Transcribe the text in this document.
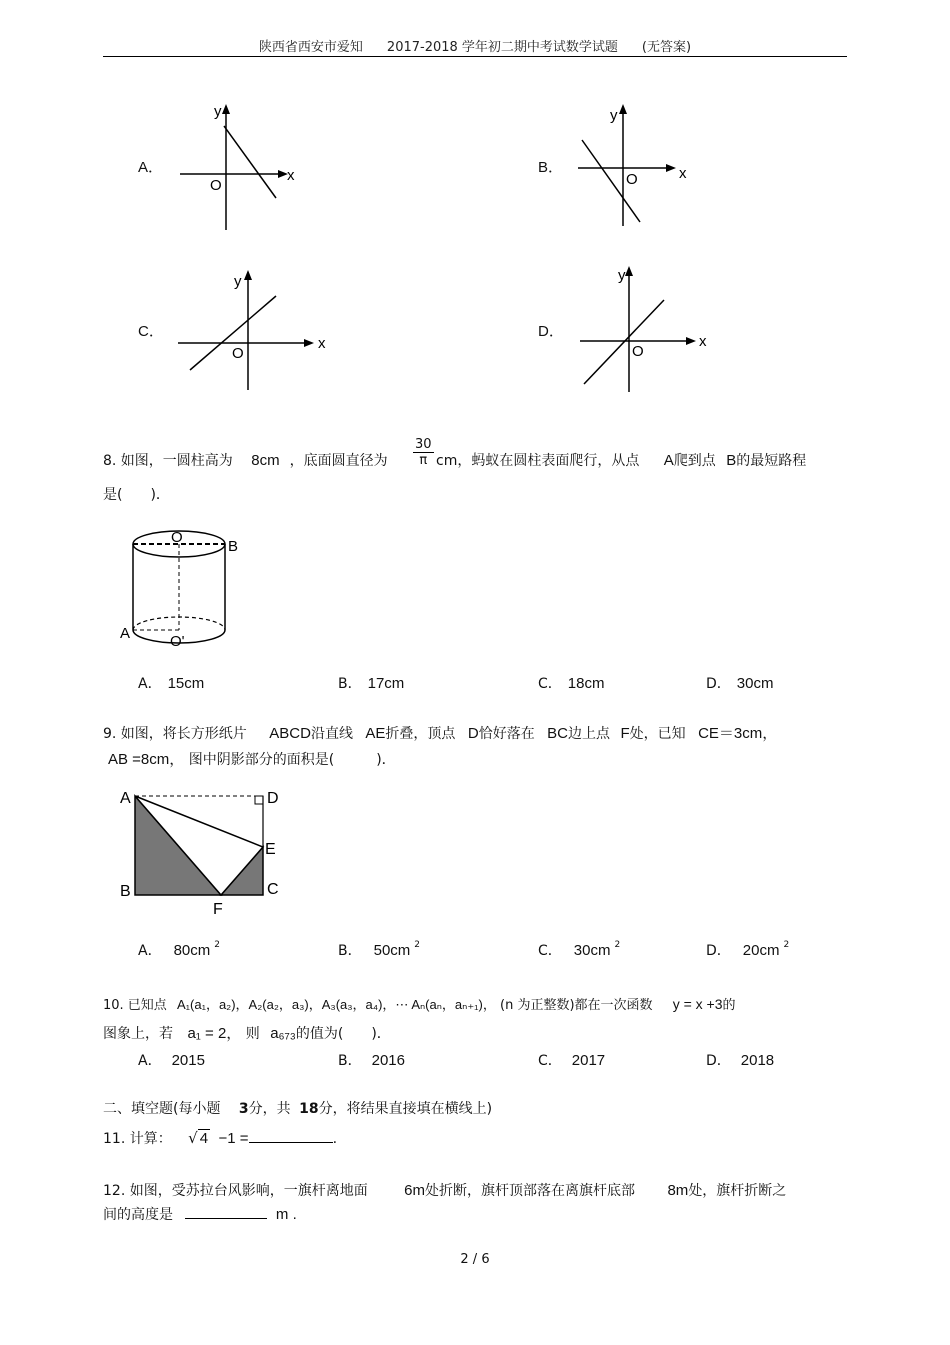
陕西省西安市爱知 2017-2018 学年初二期中考试数学试题 (无答案)
A．
y
x
O
B．
y
x
O
C．
y
x
O
D．
y
x
O
8. 如图，一圆柱高为 8cm ，底面圆直径为 $\frac{30}{\pi}$ cm，蚂蚁在圆柱表面爬行，从点 A爬到点 B的最短路程
是(　　)．
O
B
A	O'
A． 15cm	B． 17cm	C． 18cm	D． 30cm
9. 如图，将长方形纸片 ABCD沿直线 AE折叠，顶点 D恰好落在 BC边上点 F处，已知 CE＝3cm，
AB =8cm， 图中阴影部分的面积是(　　　)．
A	D
E
B
F
C
A． 80cm $^2$	B． 50cm $^2$	C． 30cm $^2$	D． 20cm $^2$
10. 已知点 A₁(a₁，a₂)，A₂(a₂，a₃)，A₃(a₃，a₄)，⋯ Aₙ(aₙ，aₙ₊₁)， (n 为正整数)都在一次函数 y = x +3的
图象上，若 a₁ = 2， 则 a₆₇₃的值为(　　)．
A． 2015	B． 2016	C． 2017	D． 2018
二、填空题(每小题 3分，共 18分，将结果直接填在横线上)
11. 计算： √ 4 −1 =	.
12. 如图，受苏拉台风影响，一旗杆离地面 6m处折断，旗杆顶部落在离旗杆底部 8m处，旗杆折断之
间的高度是	m .
2 / 6
